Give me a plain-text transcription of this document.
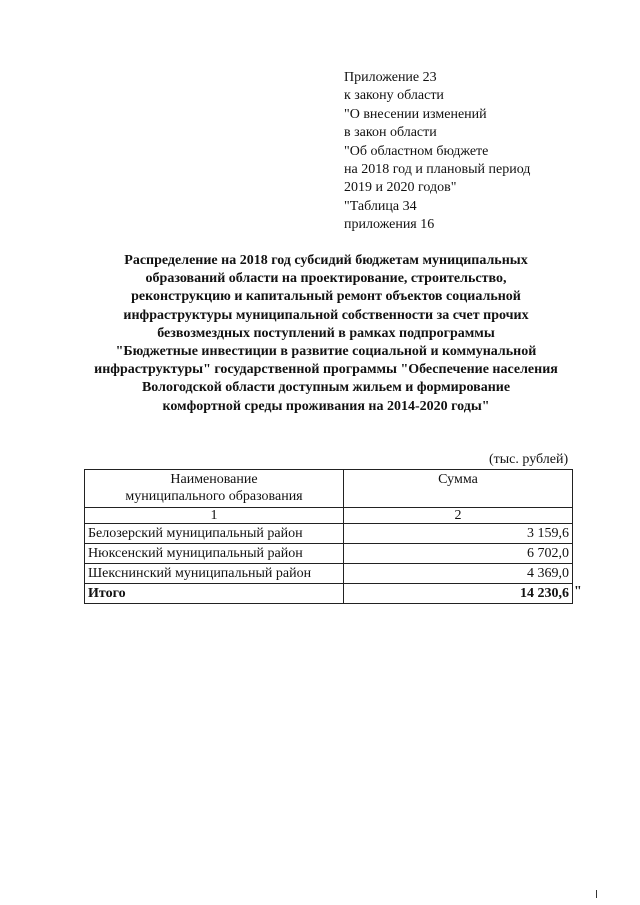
Приложение 23
к закону области
"О внесении изменений
в закон области
"Об областном бюджете
на 2018 год и плановый период
2019 и 2020 годов"
"Таблица 34
приложения 16
Распределение на 2018 год субсидий бюджетам муниципальных
образований области на проектирование, строительство,
реконструкцию и капитальный ремонт объектов социальной
инфраструктуры муниципальной собственности за счет прочих
безвозмездных поступлений в рамках подпрограммы
"Бюджетные инвестиции в развитие социальной и коммунальной
инфраструктуры" государственной программы "Обеспечение населения
Вологодской области доступным жильем и формирование
комфортной среды проживания на 2014-2020 годы"
(тыс. рублей)
Наименование
муниципального образования	Сумма
1	2
Белозерский муниципальный район	3 159,6
Нюксенский муниципальный район	6 702,0
Шекснинский муниципальный район	4 369,0
Итого	14 230,6 "
